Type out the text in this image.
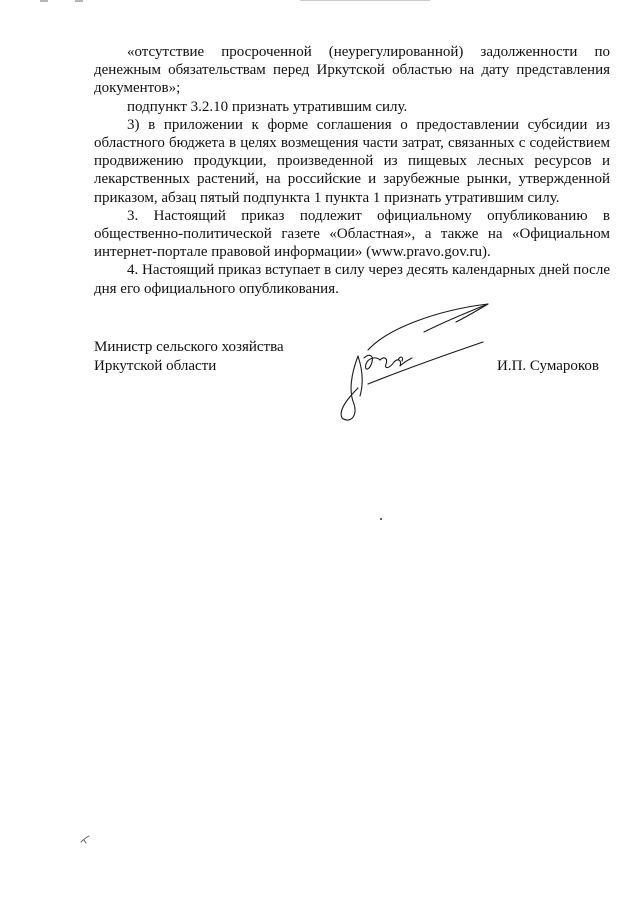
«отсутствие просроченной (неурегулированной) задолженности по денежным обязательствам перед Иркутской областью на дату представления документов»;

подпункт 3.2.10 признать утратившим силу.

3) в приложении к форме соглашения о предоставлении субсидии из областного бюджета в целях возмещения части затрат, связанных с содействием продвижению продукции, произведенной из пищевых лесных ресурсов и лекарственных растений, на российские и зарубежные рынки, утвержденной приказом, абзац пятый подпункта 1 пункта 1 признать утратившим силу.

3. Настоящий приказ подлежит официальному опубликованию в общественно-политической газете «Областная», а также на «Официальном интернет-портале правовой информации» (www.pravo.gov.ru).

4. Настоящий приказ вступает в силу через десять календарных дней после дня его официального опубликования.

Министр сельского хозяйства
Иркутской области	И.П. Сумароков
